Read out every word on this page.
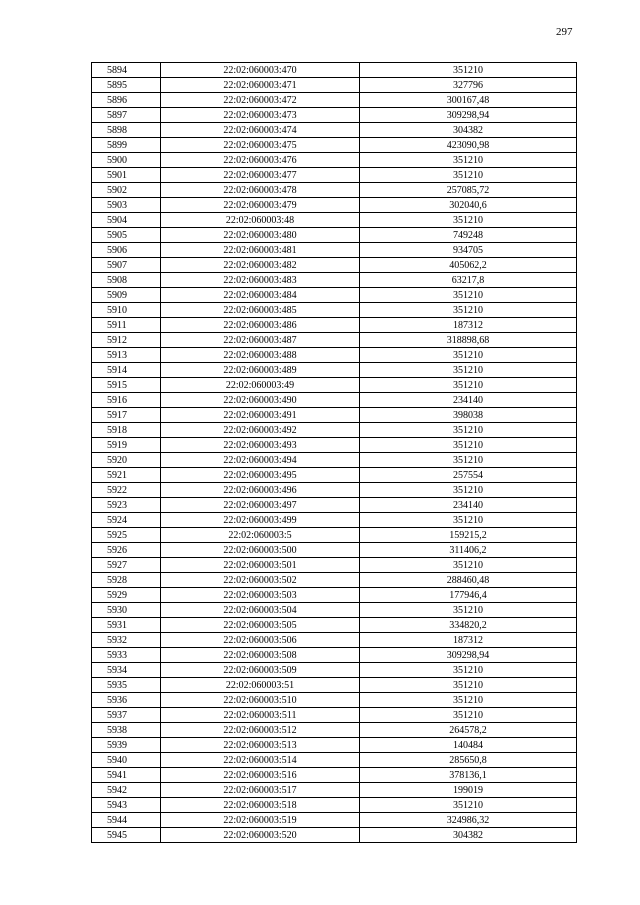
297
5894	22:02:060003:470	351210
5895	22:02:060003:471	327796
5896	22:02:060003:472	300167,48
5897	22:02:060003:473	309298,94
5898	22:02:060003:474	304382
5899	22:02:060003:475	423090,98
5900	22:02:060003:476	351210
5901	22:02:060003:477	351210
5902	22:02:060003:478	257085,72
5903	22:02:060003:479	302040,6
5904	22:02:060003:48	351210
5905	22:02:060003:480	749248
5906	22:02:060003:481	934705
5907	22:02:060003:482	405062,2
5908	22:02:060003:483	63217,8
5909	22:02:060003:484	351210
5910	22:02:060003:485	351210
5911	22:02:060003:486	187312
5912	22:02:060003:487	318898,68
5913	22:02:060003:488	351210
5914	22:02:060003:489	351210
5915	22:02:060003:49	351210
5916	22:02:060003:490	234140
5917	22:02:060003:491	398038
5918	22:02:060003:492	351210
5919	22:02:060003:493	351210
5920	22:02:060003:494	351210
5921	22:02:060003:495	257554
5922	22:02:060003:496	351210
5923	22:02:060003:497	234140
5924	22:02:060003:499	351210
5925	22:02:060003:5	159215,2
5926	22:02:060003:500	311406,2
5927	22:02:060003:501	351210
5928	22:02:060003:502	288460,48
5929	22:02:060003:503	177946,4
5930	22:02:060003:504	351210
5931	22:02:060003:505	334820,2
5932	22:02:060003:506	187312
5933	22:02:060003:508	309298,94
5934	22:02:060003:509	351210
5935	22:02:060003:51	351210
5936	22:02:060003:510	351210
5937	22:02:060003:511	351210
5938	22:02:060003:512	264578,2
5939	22:02:060003:513	140484
5940	22:02:060003:514	285650,8
5941	22:02:060003:516	378136,1
5942	22:02:060003:517	199019
5943	22:02:060003:518	351210
5944	22:02:060003:519	324986,32
5945	22:02:060003:520	304382
